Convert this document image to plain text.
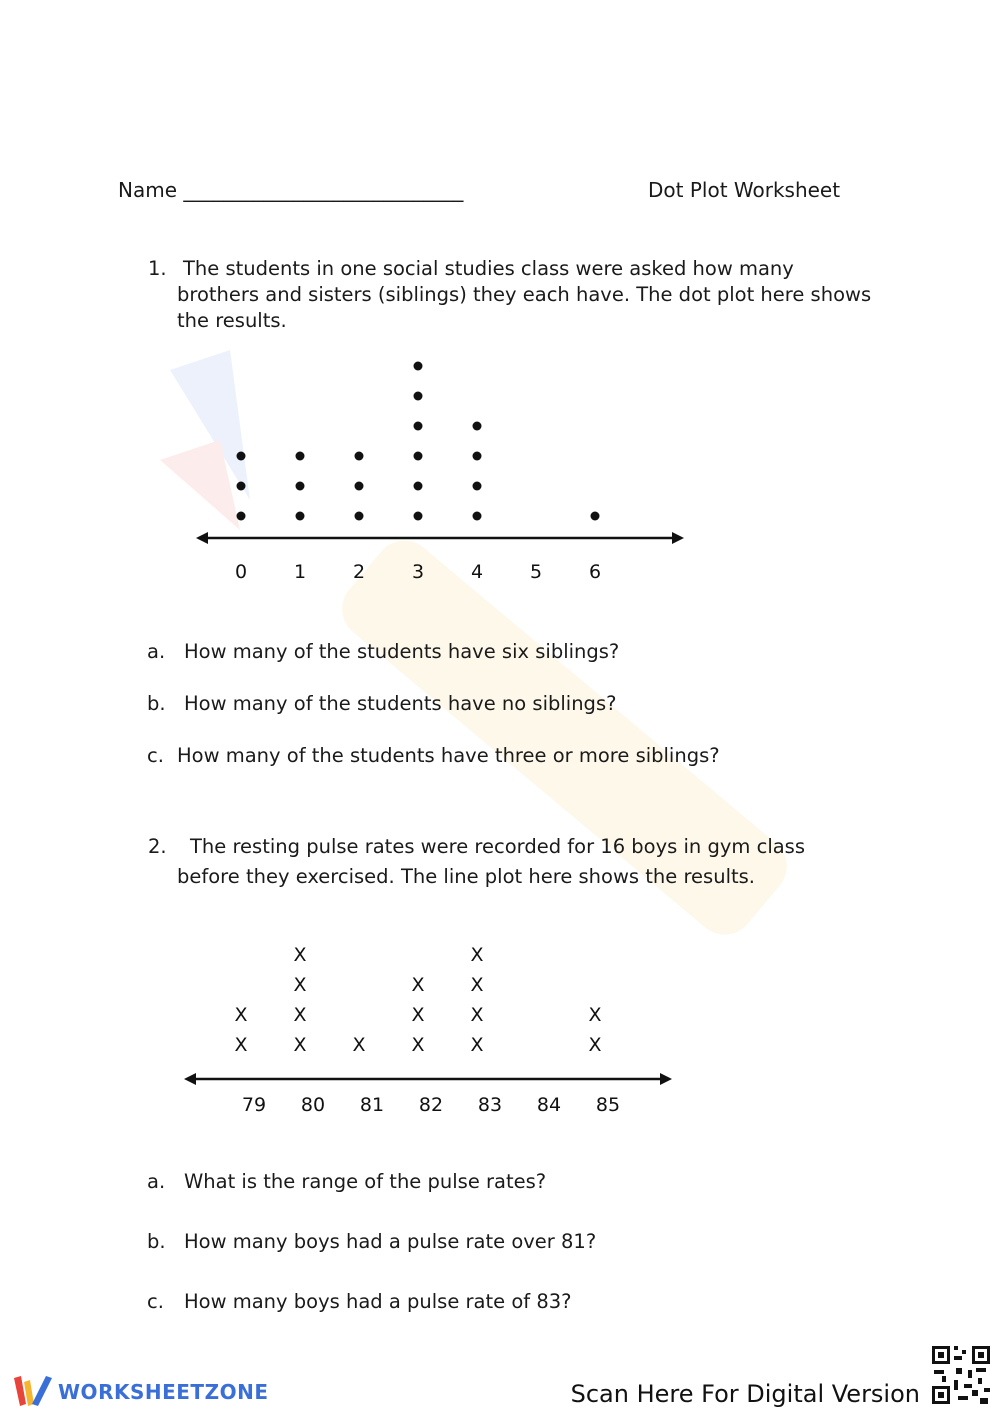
Name ____________________________	Dot Plot Worksheet
1. The students in one social studies class were asked how many
brothers and sisters (siblings) they each have. The dot plot here shows
the results.
0 1 2 3 4 5 6
a. How many of the students have six siblings?
b. How many of the students have no siblings?
c. How many of the students have three or more siblings?
2. The resting pulse rates were recorded for 16 boys in gym class
before they exercised. The line plot here shows the results.
X
X
X
X
X
X
X X
X
X
X
X
X
X
X
X
79 80 81 82 83 84 85
a. What is the range of the pulse rates?
b. How many boys had a pulse rate over 81?
c. How many boys had a pulse rate of 83?
WORKSHEETZONE	Scan Here For Digital Version
